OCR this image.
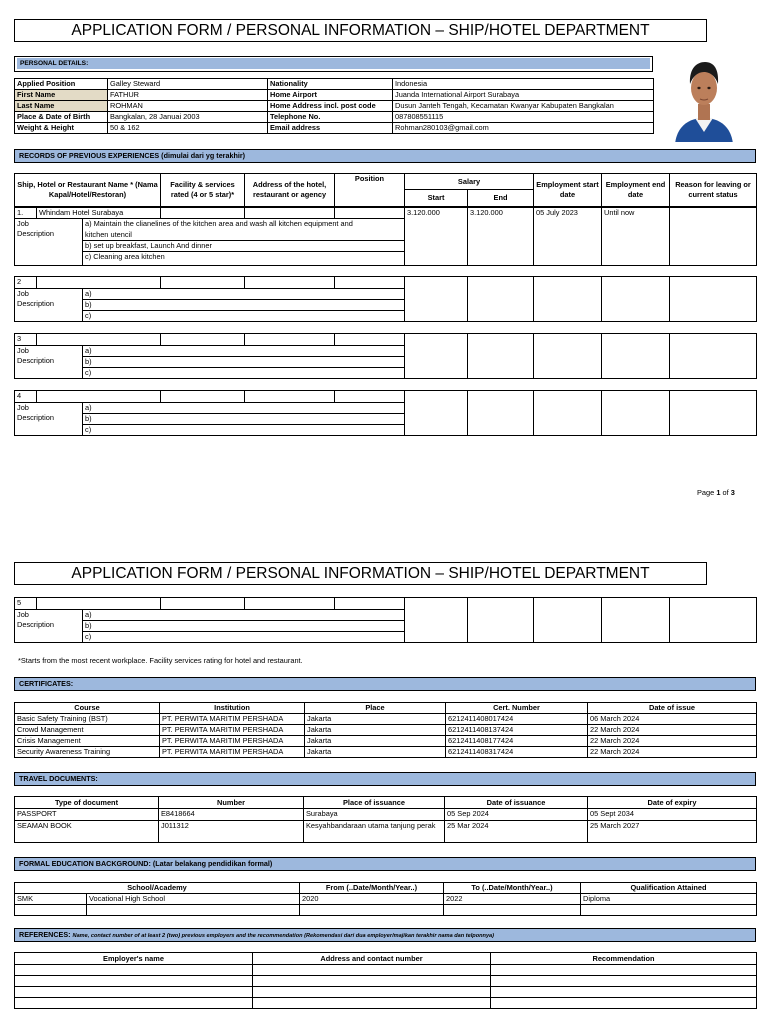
APPLICATION FORM / PERSONAL INFORMATION – SHIP/HOTEL DEPARTMENT
PERSONAL DETAILS:
Applied Position	Galley Steward	Nationality	Indonesia
First Name	FATHUR	Home Airport	Juanda International Airport Surabaya
Last Name	ROHMAN	Home Address incl. post code	Dusun Janteh Tengah, Kecamatan Kwanyar Kabupaten Bangkalan
Place & Date of Birth	Bangkalan, 28 Januai 2003	Telephone No.	087808551115
Weight & Height	50 & 162	Email address	Rohman280103@gmail.com
RECORDS OF PREVIOUS EXPERIENCES (dimulai dari yg terakhir)
Ship, Hotel or Restaurant Name * (Nama Kapal/Hotel/Restoran)	Facility & services rated (4 or 5 star)*	Address of the hotel, restaurant or agency	Position	Salary		Employment start date	Employment end date	Reason for leaving or current status
				Start	End			
1.	Whindam Hotel Surabaya					3.120.000	3.120.000	05 July 2023	Until now	

Job
Description		a) Maintain the clianelines of the kitchen area and wash all kitchen equipment and								
		kitchen utencil								
		b) set up breakfast, Launch And dinner								
		c) Cleaning area kitchen								
2										

Job
Description		a)								
		b)								
		c)								
3										

Job
Description		a)								
		b)								
		c)								
4										

Job
Description		a)								
		b)								
		c)								
Page 1 of 3
APPLICATION FORM / PERSONAL INFORMATION – SHIP/HOTEL DEPARTMENT
5										

Job
Description		a)								
		b)								
		c)								
*Starts from the most recent workplace. Facility services rating for hotel and restaurant.
CERTIFICATES:
Course	Institution	Place	Cert. Number	Date of issue
Basic Safety Training (BST)	PT. PERWITA MARITIM PERSHADA	Jakarta	6212411408017424	06 March 2024
Crowd Management	PT. PERWITA MARITIM PERSHADA	Jakarta	6212411408137424	22 March 2024
Crisis Management	PT. PERWITA MARITIM PERSHADA	Jakarta	6212411408177424	22 March 2024
Security Awareness Training	PT. PERWITA MARITIM PERSHADA	Jakarta	6212411408317424	22 March 2024
TRAVEL DOCUMENTS:
Type of document	Number	Place of issuance	Date of issuance	Date of expiry
PASSPORT	E8418664	Surabaya	05 Sep 2024	05 Sept 2034
SEAMAN BOOK	J011312	Kesyahbandaraan utama tanjung perak	25 Mar 2024	25 March 2027
FORMAL EDUCATION BACKGROUND: (Latar belakang pendidikan formal)
School/Academy		From (..Date/Month/Year..)	To (..Date/Month/Year..)	Qualification Attained
SMK	Vocational High School	2020	2022	Diploma

REFERENCES: Name, contact number of at least 2 (two) previous employers and the recommendation (Rekomendasi dari dua employer/majikan terakhir nama dan telponnya)
Employer's name	Address and contact number	Recommendation
